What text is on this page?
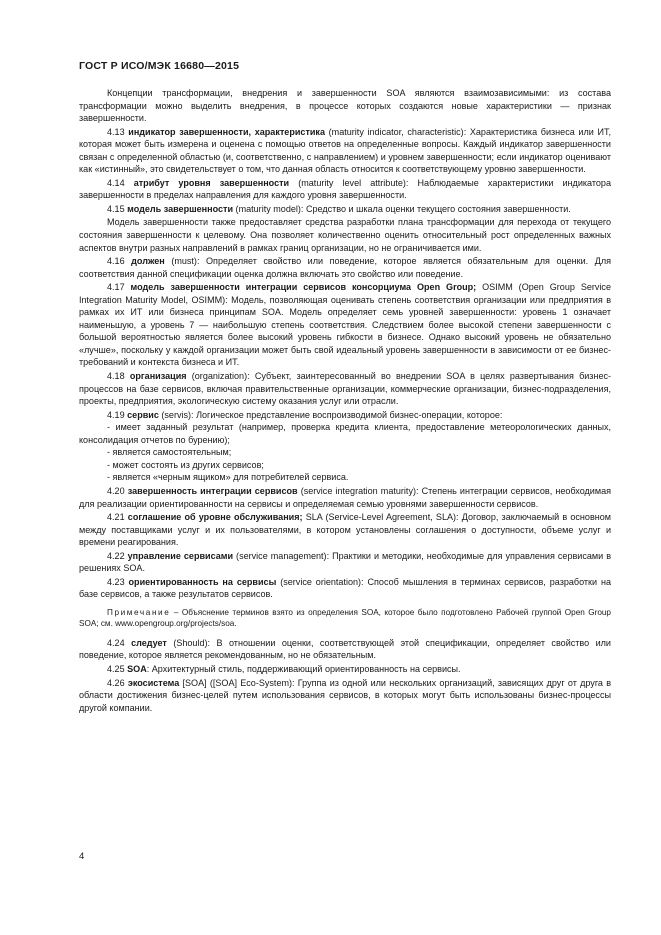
ГОСТ Р ИСО/МЭК 16680—2015

Концепции трансформации, внедрения и завершенности SOA являются взаимозависимыми: из состава трансформации можно выделить внедрения, в процессе которых создаются новые характеристики — признак завершенности.

4.13 индикатор завершенности, характеристика (maturity indicator, characteristic): Характеристика бизнеса или ИТ, которая может быть измерена и оценена с помощью ответов на определенные вопросы. Каждый индикатор завершенности связан с определенной областью (и, соответственно, с направлением) и уровнем завершенности; если индикатор оценивают как «истинный», это свидетельствует о том, что данная область относится к соответствующему уровню завершенности.

4.14 атрибут уровня завершенности (maturity level attribute): Наблюдаемые характеристики индикатора завершенности в пределах направления для каждого уровня завершенности.

4.15 модель завершенности (maturity model): Средство и шкала оценки текущего состояния завершенности.

Модель завершенности также предоставляет средства разработки плана трансформации для перехода от текущего состояния завершенности к целевому. Она позволяет количественно оценить относительный рост определенных важных аспектов внутри разных направлений в рамках границ организации, но не ограничивается ими.

4.16 должен (must): Определяет свойство или поведение, которое является обязательным для оценки. Для соответствия данной спецификации оценка должна включать это свойство или поведение.

4.17 модель завершенности интеграции сервисов консорциума Open Group; OSIMM (Open Group Service Integration Maturity Model, OSIMM): Модель, позволяющая оценивать степень соответствия организации или предприятия в рамках их ИТ или бизнеса принципам SOA. Модель определяет семь уровней завершенности: уровень 1 означает наименьшую, а уровень 7 — наибольшую степень соответствия. Следствием более высокой степени завершенности с большой вероятностью является более высокий уровень гибкости в бизнесе. Однако высокий уровень не обязательно «лучше», поскольку у каждой организации может быть свой идеальный уровень завершенности в зависимости от ее бизнес-требований и контекста бизнеса и ИТ.

4.18 организация (organization): Субъект, заинтересованный во внедрении SOA в целях развертывания бизнес-процессов на базе сервисов, включая правительственные организации, коммерческие организации, бизнес-подразделения, проекты, предприятия, экологическую систему оказания услуг или отрасли.

4.19 сервис (servis): Логическое представление воспроизводимой бизнес-операции, которое:

- имеет заданный результат (например, проверка кредита клиента, предоставление метеорологических данных, консолидация отчетов по бурению);

- является самостоятельным;

- может состоять из других сервисов;

- является «черным ящиком» для потребителей сервиса.

4.20 завершенность интеграции сервисов (service integration maturity): Степень интеграции сервисов, необходимая для реализации ориентированности на сервисы и определяемая семью уровнями завершенности сервисов.

4.21 соглашение об уровне обслуживания; SLA (Service-Level Agreement, SLA): Договор, заключаемый в основном между поставщиками услуг и их пользователями, в котором установлены соглашения о доступности, объеме услуг и времени реагирования.

4.22 управление сервисами (service management): Практики и методики, необходимые для управления сервисами в решениях SOA.

4.23 ориентированность на сервисы (service orientation): Способ мышления в терминах сервисов, разработки на базе сервисов, а также результатов сервисов.

Примечание – Объяснение терминов взято из определения SOA, которое было подготовлено Рабочей группой Open Group SOA; см. www.opengroup.org/projects/soa.

4.24 следует (Should): В отношении оценки, соответствующей этой спецификации, определяет свойство или поведение, которое является рекомендованным, но не обязательным.

4.25 SOA: Архитектурный стиль, поддерживающий ориентированность на сервисы.

4.26 экосистема [SOA] ([SOA] Eco-System): Группа из одной или нескольких организаций, зависящих друг от друга в области достижения бизнес-целей путем использования сервисов, в которых могут быть использованы бизнес-процессы другой компании.

4
